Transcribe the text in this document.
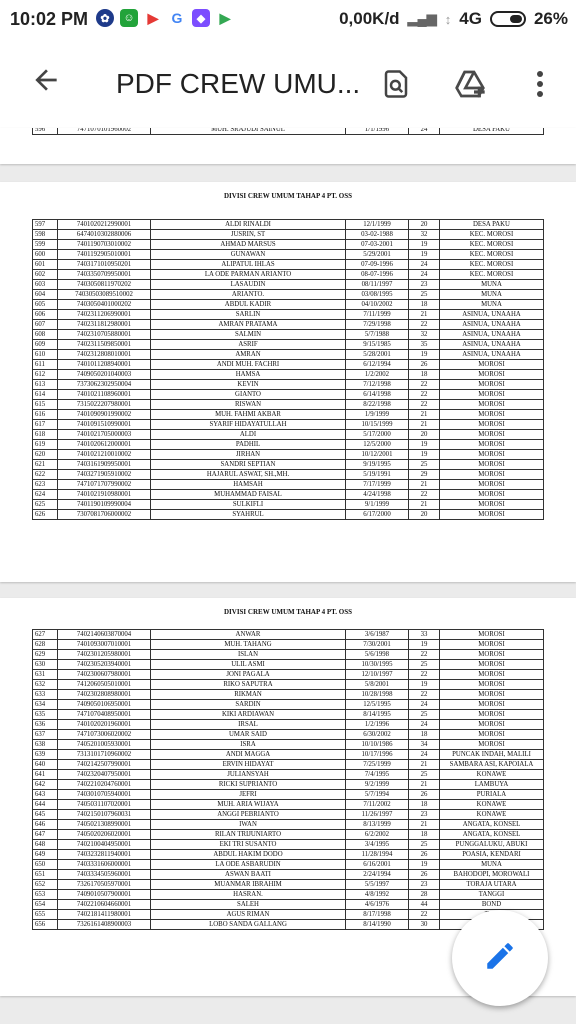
10:02 PM	✿	☺ ▶ G	◆	▶	0,00K/d ▂▄▆ ↕ 4G	26%
PDF CREW UMU...
596	7471070101960002	MUH. SRAJUDI SAINUL	1/1/1996	24	DESA PAKU
DIVISI CREW UMUM TAHAP 4 PT. OSS
597	7401020212990001	ALDI RINALDI	12/1/1999	20	DESA PAKU
598	6474010302880006	JUSRIN, ST	03-02-1988	32	KEC. MOROSI
599	7401190703010002	AHMAD MARSUS	07-03-2001	19	KEC. MOROSI
600	7401192905010001	GUNAWAN	5/29/2001	19	KEC. MOROSI
601	7403171010950201	ALIPATUL IHLAS	07-09-1996	24	KEC. MOROSI
602	7403350709950001	LA ODE PARMAN ARIANTO	08-07-1996	24	KEC. MOROSI
603	7403050811970202	LASAUDIN	08/11/1997	23	MUNA
604	74030503089510002	ARIANTO.	03/08/1995	25	MUNA
605	7403050401000202	ABDUL KADIR	04/10/2002	18	MUNA
606	7402311206990001	SARLIN	7/11/1999	21	ASINUA, UNAAHA
607	7402311812980001	AMRAN PRATAMA	7/29/1998	22	ASINUA, UNAAHA
608	7402310705880001	SALMIN	5/7/1988	32	ASINUA, UNAAHA
609	7402311509850001	ASRIF	9/15/1985	35	ASINUA, UNAAHA
610	7402312808010001	AMRAN	5/28/2001	19	ASINUA, UNAAHA
611	7401011208940001	ANDI MUH. FACHRI	6/12/1994	26	MOROSI
612	7409050201040003	HAMSA	1/2/2002	18	MOROSI
613	7373062302950004	KEVIN	7/12/1998	22	MOROSI
614	7401021108960001	GIANTO	6/14/1998	22	MOROSI
615	7315022207980001	RISWAN	8/22/1998	22	MOROSI
616	7401090901990002	MUH. FAHMI AKBAR	1/9/1999	21	MOROSI
617	7401091510990001	SYARIF HIDAYATULLAH	10/15/1999	21	MOROSI
618	7401021705000003	ALDI	5/17/2000	20	MOROSI
619	7401020612000001	PADHIL	12/5/2000	19	MOROSI
620	7401021210010002	JIRHAN	10/12/2001	19	MOROSI
621	7403161909950001	SANDRI SEPTIAN	9/19/1995	25	MOROSI
622	7403271905910002	HAJARUL ASWAT, SH.,MH.	5/19/1991	29	MOROSI
623	7471071707990002	HAMSAH	7/17/1999	21	MOROSI
624	7401021910980001	MUHAMMAD FAISAL	4/24/1998	22	MOROSI
625	7401190109990004	SULKIFLI	9/1/1999	21	MOROSI
626	7307081706000002	SYAHRUL	6/17/2000	20	MOROSI
DIVISI CREW UMUM TAHAP 4 PT. OSS
627	7402140603870004	ANWAR	3/6/1987	33	MOROSI
628	7401093007010001	MUH. TAHANG	7/30/2001	19	MOROSI
629	7402301205980001	ISLAN	5/6/1998	22	MOROSI
630	7402305203940001	ULIL ASMI	10/30/1995	25	MOROSI
631	7402300607980001	JONI PAGALA	12/10/1997	22	MOROSI
632	7412060505010001	RIKO SAPUTRA	5/8/2001	19	MOROSI
633	7402302808980001	RIKMAN	10/28/1998	22	MOROSI
634	7409050106950001	SARDIN	12/5/1995	24	MOROSI
635	7471070408950001	KIKI ARDIAWAN	8/14/1995	25	MOROSI
636	7401020201960001	IRSAL	1/2/1996	24	MOROSI
637	7471073006020002	UMAR SAID	6/30/2002	18	MOROSI
638	7405201005930001	ISRA	10/10/1986	34	MOROSI
639	7313101710960002	ANDI MAGGA	10/17/1996	24	PUNCAK INDAH, MALILI
640	7402142507990001	ERVIN HIDAYAT	7/25/1999	21	SAMBARA ASI, KAPOIALA
641	7402320407950001	JULIANSYAH	7/4/1995	25	KONAWE
642	7402210204760001	RICKI SUPRIANTO	9/2/1999	21	LAMBUYA
643	7403010705940001	JEFRI	5/7/1994	26	PURIALA
644	7405031107020001	MUH. ARIA WIJAYA	7/11/2002	18	KONAWE
645	7402150107960031	ANGGI PEBRIANTO	11/26/1997	23	KONAWE
646	7405021308990001	IWAN	8/13/1999	21	ANGATA, KONSEL
647	7405020206020001	RILAN TRIJUNIARTO	6/2/2002	18	ANGATA, KONSEL
648	7402100404950001	EKI TRI SUSANTO	3/4/1995	25	PUNGGALUKU, ABUKI
649	7403232811940001	ABDUL HAKIM DODO	11/28/1994	26	POASIA, KENDARI
650	7403331606000001	LA ODE ASBARUDIN	6/16/2001	19	MUNA
651	7403334505960001	ASWAN BAATI	2/24/1994	26	BAHODOPI, MOROWALI
652	7326170505970001	MUANMAR IBRAHIM	5/5/1997	23	TORAJA UTARA
653	7409010507900001	HASRAN.	4/8/1992	28	TANGGI
654	7402210604660001	SALEH	4/6/1976	44	BOND
655	7402181411980001	AGUS RIMAN	8/17/1998	22	
656	7326161408900003	LOBO SANDA GALLANG	8/14/1990	30	
